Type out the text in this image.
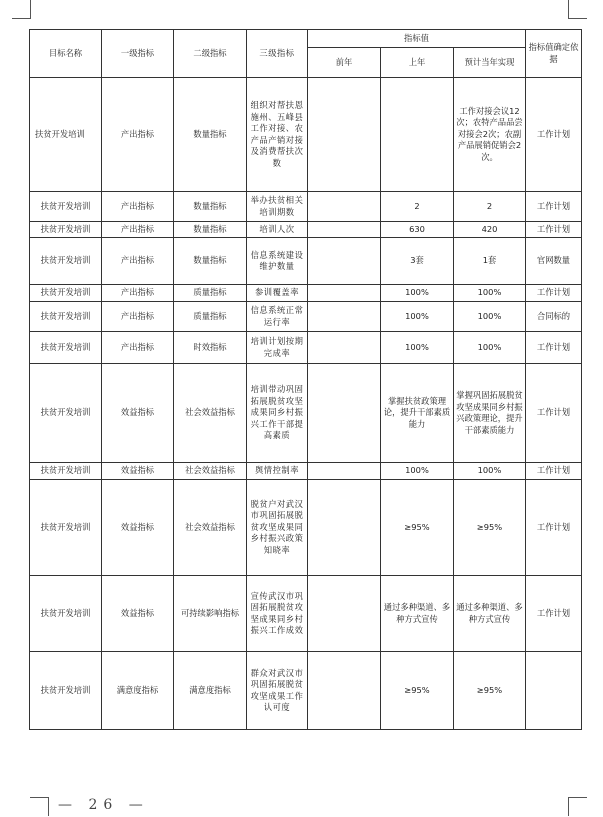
目标名称	一级指标	二级指标	三级指标	指标值			指标值确定依据
				前年	上年	预计当年实现	
扶贫开发培训	产出指标	数量指标	组织对帮扶恩施州、五峰县工作对接、农产品产销对接及消费帮扶次数			工作对接会议12次；农特产品品尝对接会2次；农副产品展销促销会2次。	工作计划
扶贫开发培训	产出指标	数量指标	举办扶贫相关培训期数		2	2	工作计划
扶贫开发培训	产出指标	数量指标	培训人次		630	420	工作计划
扶贫开发培训	产出指标	数量指标	信息系统建设维护数量		3套	1套	官网数量
扶贫开发培训	产出指标	质量指标	参训覆盖率		100%	100%	工作计划
扶贫开发培训	产出指标	质量指标	信息系统正常运行率		100%	100%	合同标的
扶贫开发培训	产出指标	时效指标	培训计划按期完成率		100%	100%	工作计划
扶贫开发培训	效益指标	社会效益指标	培训带动巩固拓展脱贫攻坚成果同乡村振兴工作干部提高素质		掌握扶贫政策理论，提升干部素质能力	掌握巩固拓展脱贫攻坚成果同乡村振兴政策理论，提升干部素质能力	工作计划
扶贫开发培训	效益指标	社会效益指标	舆情控制率		100%	100%	工作计划
扶贫开发培训	效益指标	社会效益指标	脱贫户对武汉市巩固拓展脱贫攻坚成果同乡村振兴政策知晓率		≥95%	≥95%	工作计划
扶贫开发培训	效益指标	可持续影响指标	宣传武汉市巩固拓展脱贫攻坚成果同乡村振兴工作成效		通过多种渠道、多种方式宣传	通过多种渠道、多种方式宣传	工作计划
扶贫开发培训	满意度指标	满意度指标	群众对武汉市巩固拓展脱贫攻坚成果工作认可度		≥95%	≥95%	
— 26 —
